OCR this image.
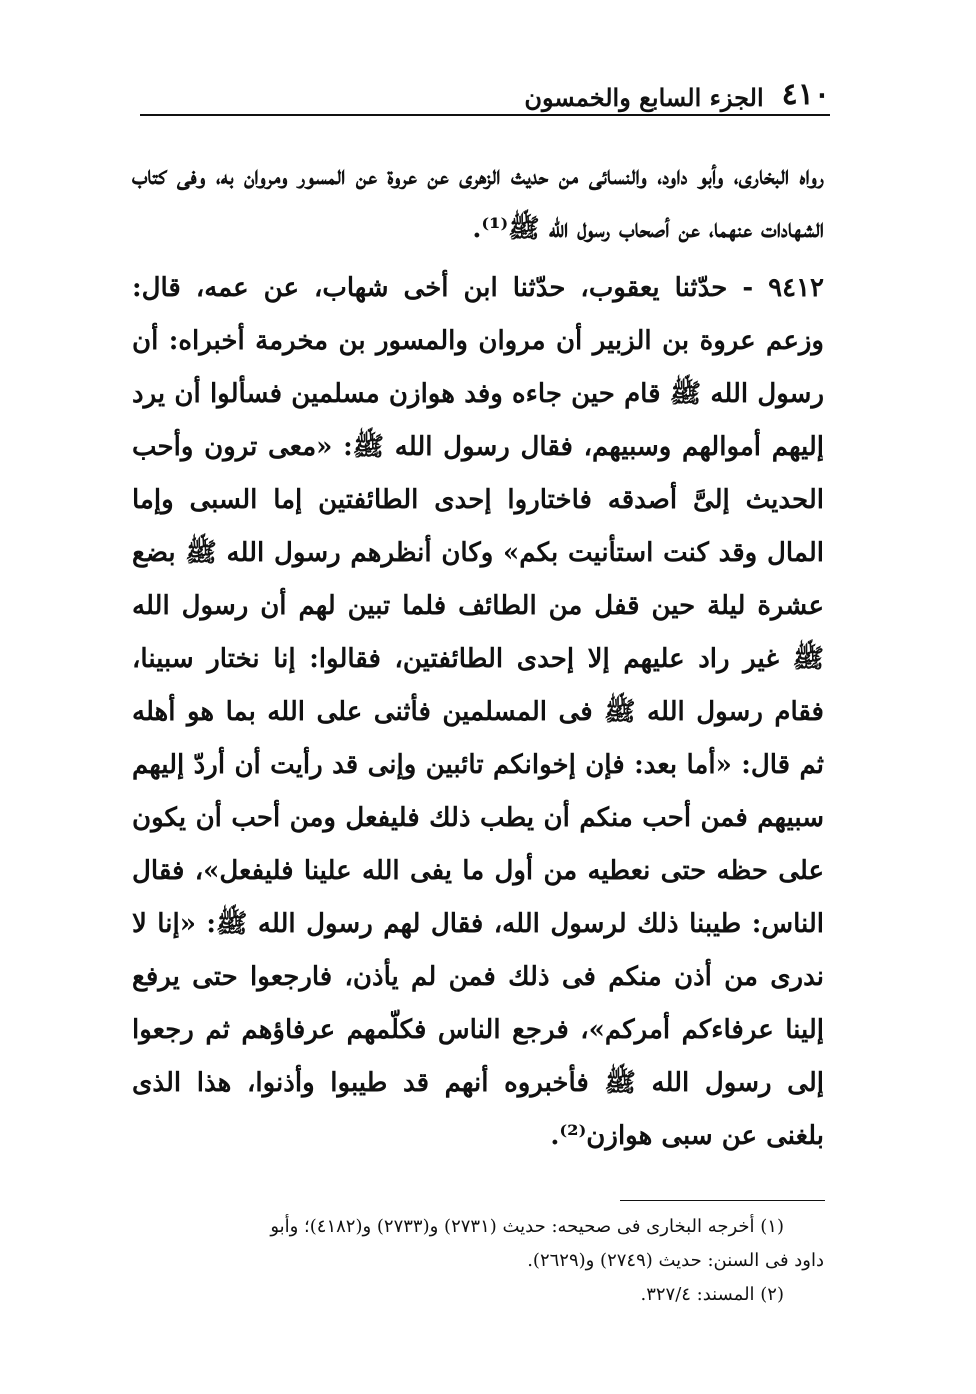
٤١٠
الجزء السابع والخمسون

رواه البخارى، وأبو داود، والنسائى من حديث الزهرى عن عروة عن المسور ومروان به، وفى كتاب الشهادات عنهما، عن أصحاب رسول الله ﷺ⁽¹⁾.

٩٤١٢ - حدّثنا يعقوب، حدّثنا ابن أخى شهاب، عن عمه، قال: وزعم عروة بن الزبير أن مروان والمسور بن مخرمة أخبراه: أن رسول الله ﷺ قام حين جاءه وفد هوازن مسلمين فسألوا أن يرد إليهم أموالهم وسبيهم، فقال رسول الله ﷺ: «معى ترون وأحب الحديث إلىَّ أصدقه فاختاروا إحدى الطائفتين إما السبى وإما المال وقد كنت استأنيت بكم» وكان أنظرهم رسول الله ﷺ بضع عشرة ليلة حين قفل من الطائف فلما تبين لهم أن رسول الله ﷺ غير راد عليهم إلا إحدى الطائفتين، فقالوا: إنا نختار سبينا، فقام رسول الله ﷺ فى المسلمين فأثنى على الله بما هو أهله ثم قال: «أما بعد: فإن إخوانكم تائبين وإنى قد رأيت أن أردّ إليهم سبيهم فمن أحب منكم أن يطب ذلك فليفعل ومن أحب أن يكون على حظه حتى نعطيه من أول ما يفى الله علينا فليفعل»، فقال الناس: طيبنا ذلك لرسول الله، فقال لهم رسول الله ﷺ: «إنا لا ندرى من أذن منكم فى ذلك فمن لم يأذن، فارجعوا حتى يرفع إلينا عرفاءكم أمركم»، فرجع الناس فكلّمهم عرفاؤهم ثم رجعوا إلى رسول الله ﷺ فأخبروه أنهم قد طيبوا وأذنوا، هذا الذى بلغنى عن سبى هوازن⁽²⁾.

(١) أخرجه البخارى فى صحيحه: حديث (٢٧٣١) و(٢٧٣٣) و(٤١٨٢)؛ وأبو

داود فى السنن: حديث (٢٧٤٩) و(٢٦٢٩).

(٢) المسند: ٣٢٧/٤.
